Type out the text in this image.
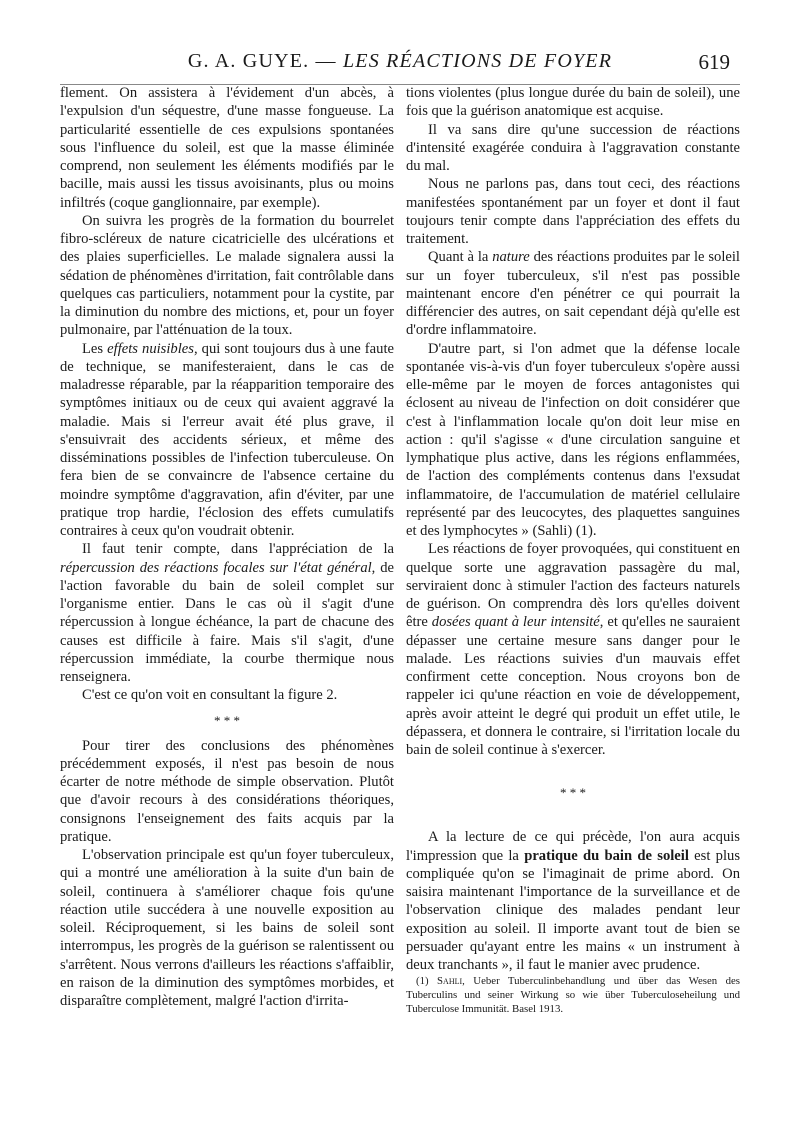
G. A. GUYE. — LES RÉACTIONS DE FOYER	619

flement. On assistera à l'évidement d'un abcès, à l'expulsion d'un séquestre, d'une masse fongueuse. La particularité essentielle de ces expulsions spontanées sous l'influence du soleil, est que la masse éliminée comprend, non seulement les éléments modifiés par le bacille, mais aussi les tissus avoisinants, plus ou moins infiltrés (coque ganglionnaire, par exemple).

On suivra les progrès de la formation du bourrelet fibro-scléreux de nature cicatricielle des ulcérations et des plaies superficielles. Le malade signalera aussi la sédation de phénomènes d'irritation, fait contrôlable dans quelques cas particuliers, notamment pour la cystite, par la diminution du nombre des mictions, et, pour un foyer pulmonaire, par l'atténuation de la toux.

Les effets nuisibles, qui sont toujours dus à une faute de technique, se manifesteraient, dans le cas de maladresse réparable, par la réapparition temporaire des symptômes initiaux ou de ceux qui avaient aggravé la maladie. Mais si l'erreur avait été plus grave, il s'ensuivrait des accidents sérieux, et même des disséminations possibles de l'infection tuberculeuse. On fera bien de se convaincre de l'absence certaine du moindre symptôme d'aggravation, afin d'éviter, par une pratique trop hardie, l'éclosion des effets cumulatifs contraires à ceux qu'on voudrait obtenir.

Il faut tenir compte, dans l'appréciation de la répercussion des réactions focales sur l'état général, de l'action favorable du bain de soleil complet sur l'organisme entier. Dans le cas où il s'agit d'une répercussion à longue échéance, la part de chacune des causes est difficile à faire. Mais s'il s'agit, d'une répercussion immédiate, la courbe thermique nous renseignera.

C'est ce qu'on voit en consultant la figure 2.

* * *

Pour tirer des conclusions des phénomènes précédemment exposés, il n'est pas besoin de nous écarter de notre méthode de simple observation. Plutôt que d'avoir recours à des considérations théoriques, consignons l'enseignement des faits acquis par la pratique.

L'observation principale est qu'un foyer tuberculeux, qui a montré une amélioration à la suite d'un bain de soleil, continuera à s'améliorer chaque fois qu'une réaction utile succédera à une nouvelle exposition au soleil. Réciproquement, si les bains de soleil sont interrompus, les progrès de la guérison se ralentissent ou s'arrêtent. Nous verrons d'ailleurs les réactions s'affaiblir, en raison de la diminution des symptômes morbides, et disparaître complètement, malgré l'action d'irrita-

tions violentes (plus longue durée du bain de soleil), une fois que la guérison anatomique est acquise.

Il va sans dire qu'une succession de réactions d'intensité exagérée conduira à l'aggravation constante du mal.

Nous ne parlons pas, dans tout ceci, des réactions manifestées spontanément par un foyer et dont il faut toujours tenir compte dans l'appréciation des effets du traitement.

Quant à la nature des réactions produites par le soleil sur un foyer tuberculeux, s'il n'est pas possible maintenant encore d'en pénétrer ce qui pourrait la différencier des autres, on sait cependant déjà qu'elle est d'ordre inflammatoire.

D'autre part, si l'on admet que la défense locale spontanée vis-à-vis d'un foyer tuberculeux s'opère aussi elle-même par le moyen de forces antagonistes qui éclosent au niveau de l'infection on doit considérer que c'est à l'inflammation locale qu'on doit leur mise en action : qu'il s'agisse « d'une circulation sanguine et lymphatique plus active, dans les régions enflammées, de l'action des compléments contenus dans l'exsudat inflammatoire, de l'accumulation de matériel cellulaire représenté par des leucocytes, des plaquettes sanguines et des lymphocytes » (Sahli) (1).

Les réactions de foyer provoquées, qui constituent en quelque sorte une aggravation passagère du mal, serviraient donc à stimuler l'action des facteurs naturels de guérison. On comprendra dès lors qu'elles doivent être dosées quant à leur intensité, et qu'elles ne sauraient dépasser une certaine mesure sans danger pour le malade. Les réactions suivies d'un mauvais effet confirment cette conception. Nous croyons bon de rappeler ici qu'une réaction en voie de développement, après avoir atteint le degré qui produit un effet utile, le dépassera, et donnera le contraire, si l'irritation locale du bain de soleil continue à s'exercer.

* * *

A la lecture de ce qui précède, l'on aura acquis l'impression que la pratique du bain de soleil est plus compliquée qu'on se l'imaginait de prime abord. On saisira maintenant l'importance de la surveillance et de l'observation clinique des malades pendant leur exposition au soleil. Il importe avant tout de bien se persuader qu'ayant entre les mains « un instrument à deux tranchants », il faut le manier avec prudence.

(1) Sahli, Ueber Tuberculinbehandlung und über das Wesen des Tuberculins und seiner Wirkung so wie über Tuberculoseheilung und Tuberculose Immunität. Basel 1913.
